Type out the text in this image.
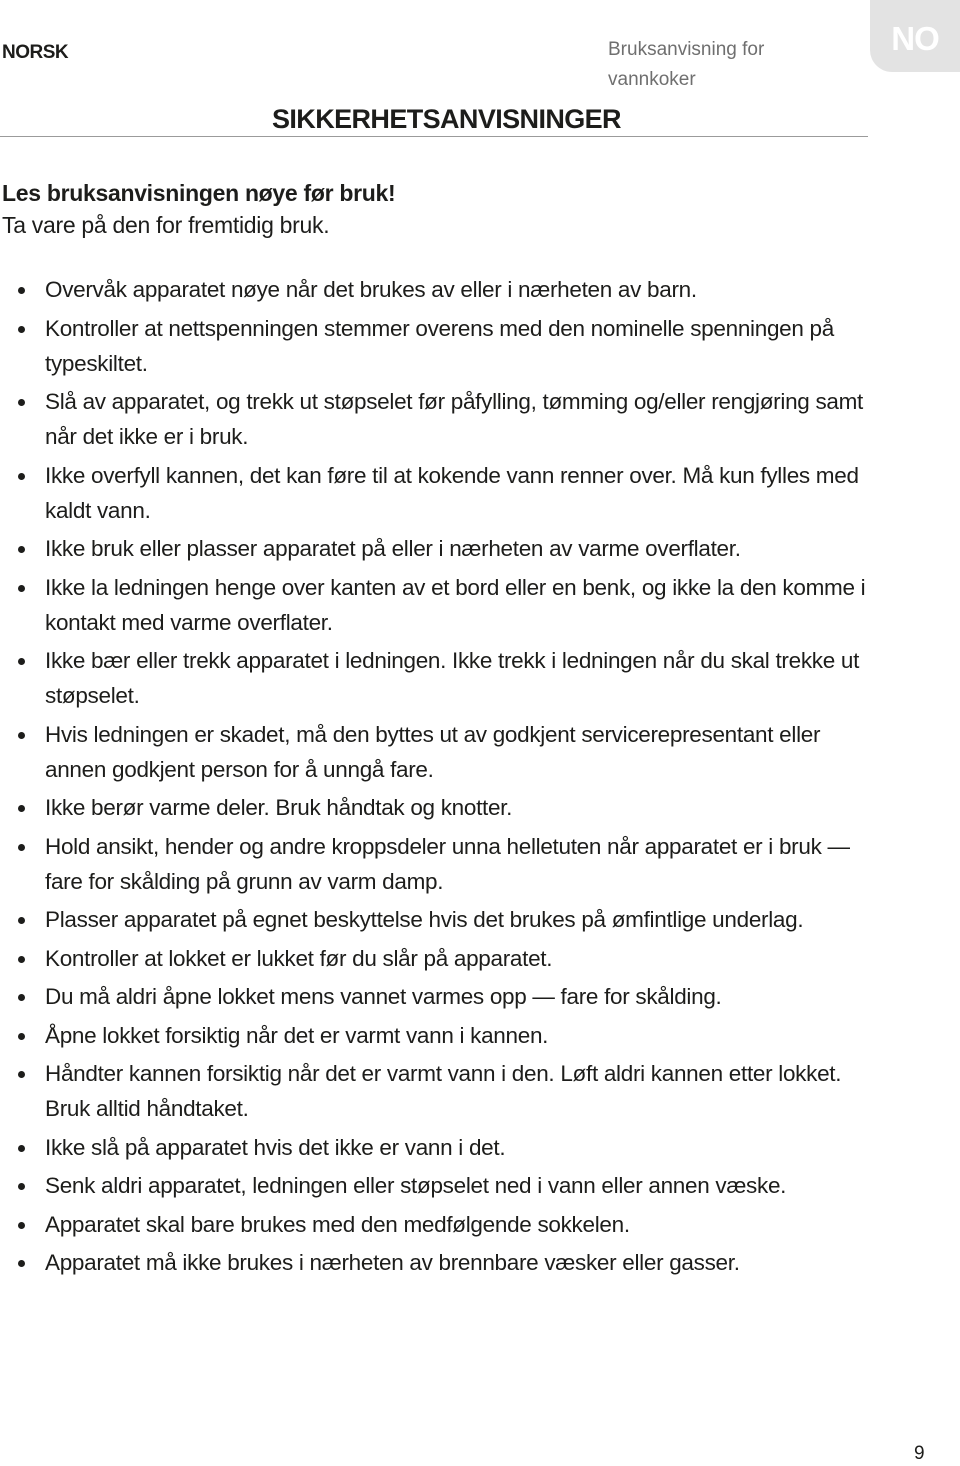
NORSK	Bruksanvisning for vannkoker
NO
SIKKERHETSANVISNINGER
Les bruksanvisningen nøye før bruk!
Ta vare på den for fremtidig bruk.
Overvåk apparatet nøye når det brukes av eller i nærheten av barn.
Kontroller at nettspenningen stemmer overens med den nominelle spenningen på typeskiltet.
Slå av apparatet, og trekk ut støpselet før påfylling, tømming og/eller rengjøring samt når det ikke er i bruk.
Ikke overfyll kannen, det kan føre til at kokende vann renner over. Må kun fylles med kaldt vann.
Ikke bruk eller plasser apparatet på eller i nærheten av varme overflater.
Ikke la ledningen henge over kanten av et bord eller en benk, og ikke la den komme i kontakt med varme overflater.
Ikke bær eller trekk apparatet i ledningen. Ikke trekk i ledningen når du skal trekke ut støpselet.
Hvis ledningen er skadet, må den byttes ut av godkjent servicerepresentant eller annen godkjent person for å unngå fare.
Ikke berør varme deler. Bruk håndtak og knotter.
Hold ansikt, hender og andre kroppsdeler unna helletuten når apparatet er i bruk — fare for skålding på grunn av varm damp.
Plasser apparatet på egnet beskyttelse hvis det brukes på ømfintlige underlag.
Kontroller at lokket er lukket før du slår på apparatet.
Du må aldri åpne lokket mens vannet varmes opp — fare for skålding.
Åpne lokket forsiktig når det er varmt vann i kannen.
Håndter kannen forsiktig når det er varmt vann i den. Løft aldri kannen etter lokket. Bruk alltid håndtaket.
Ikke slå på apparatet hvis det ikke er vann i det.
Senk aldri apparatet, ledningen eller støpselet ned i vann eller annen væske.
Apparatet skal bare brukes med den medfølgende sokkelen.
Apparatet må ikke brukes i nærheten av brennbare væsker eller gasser.
9
